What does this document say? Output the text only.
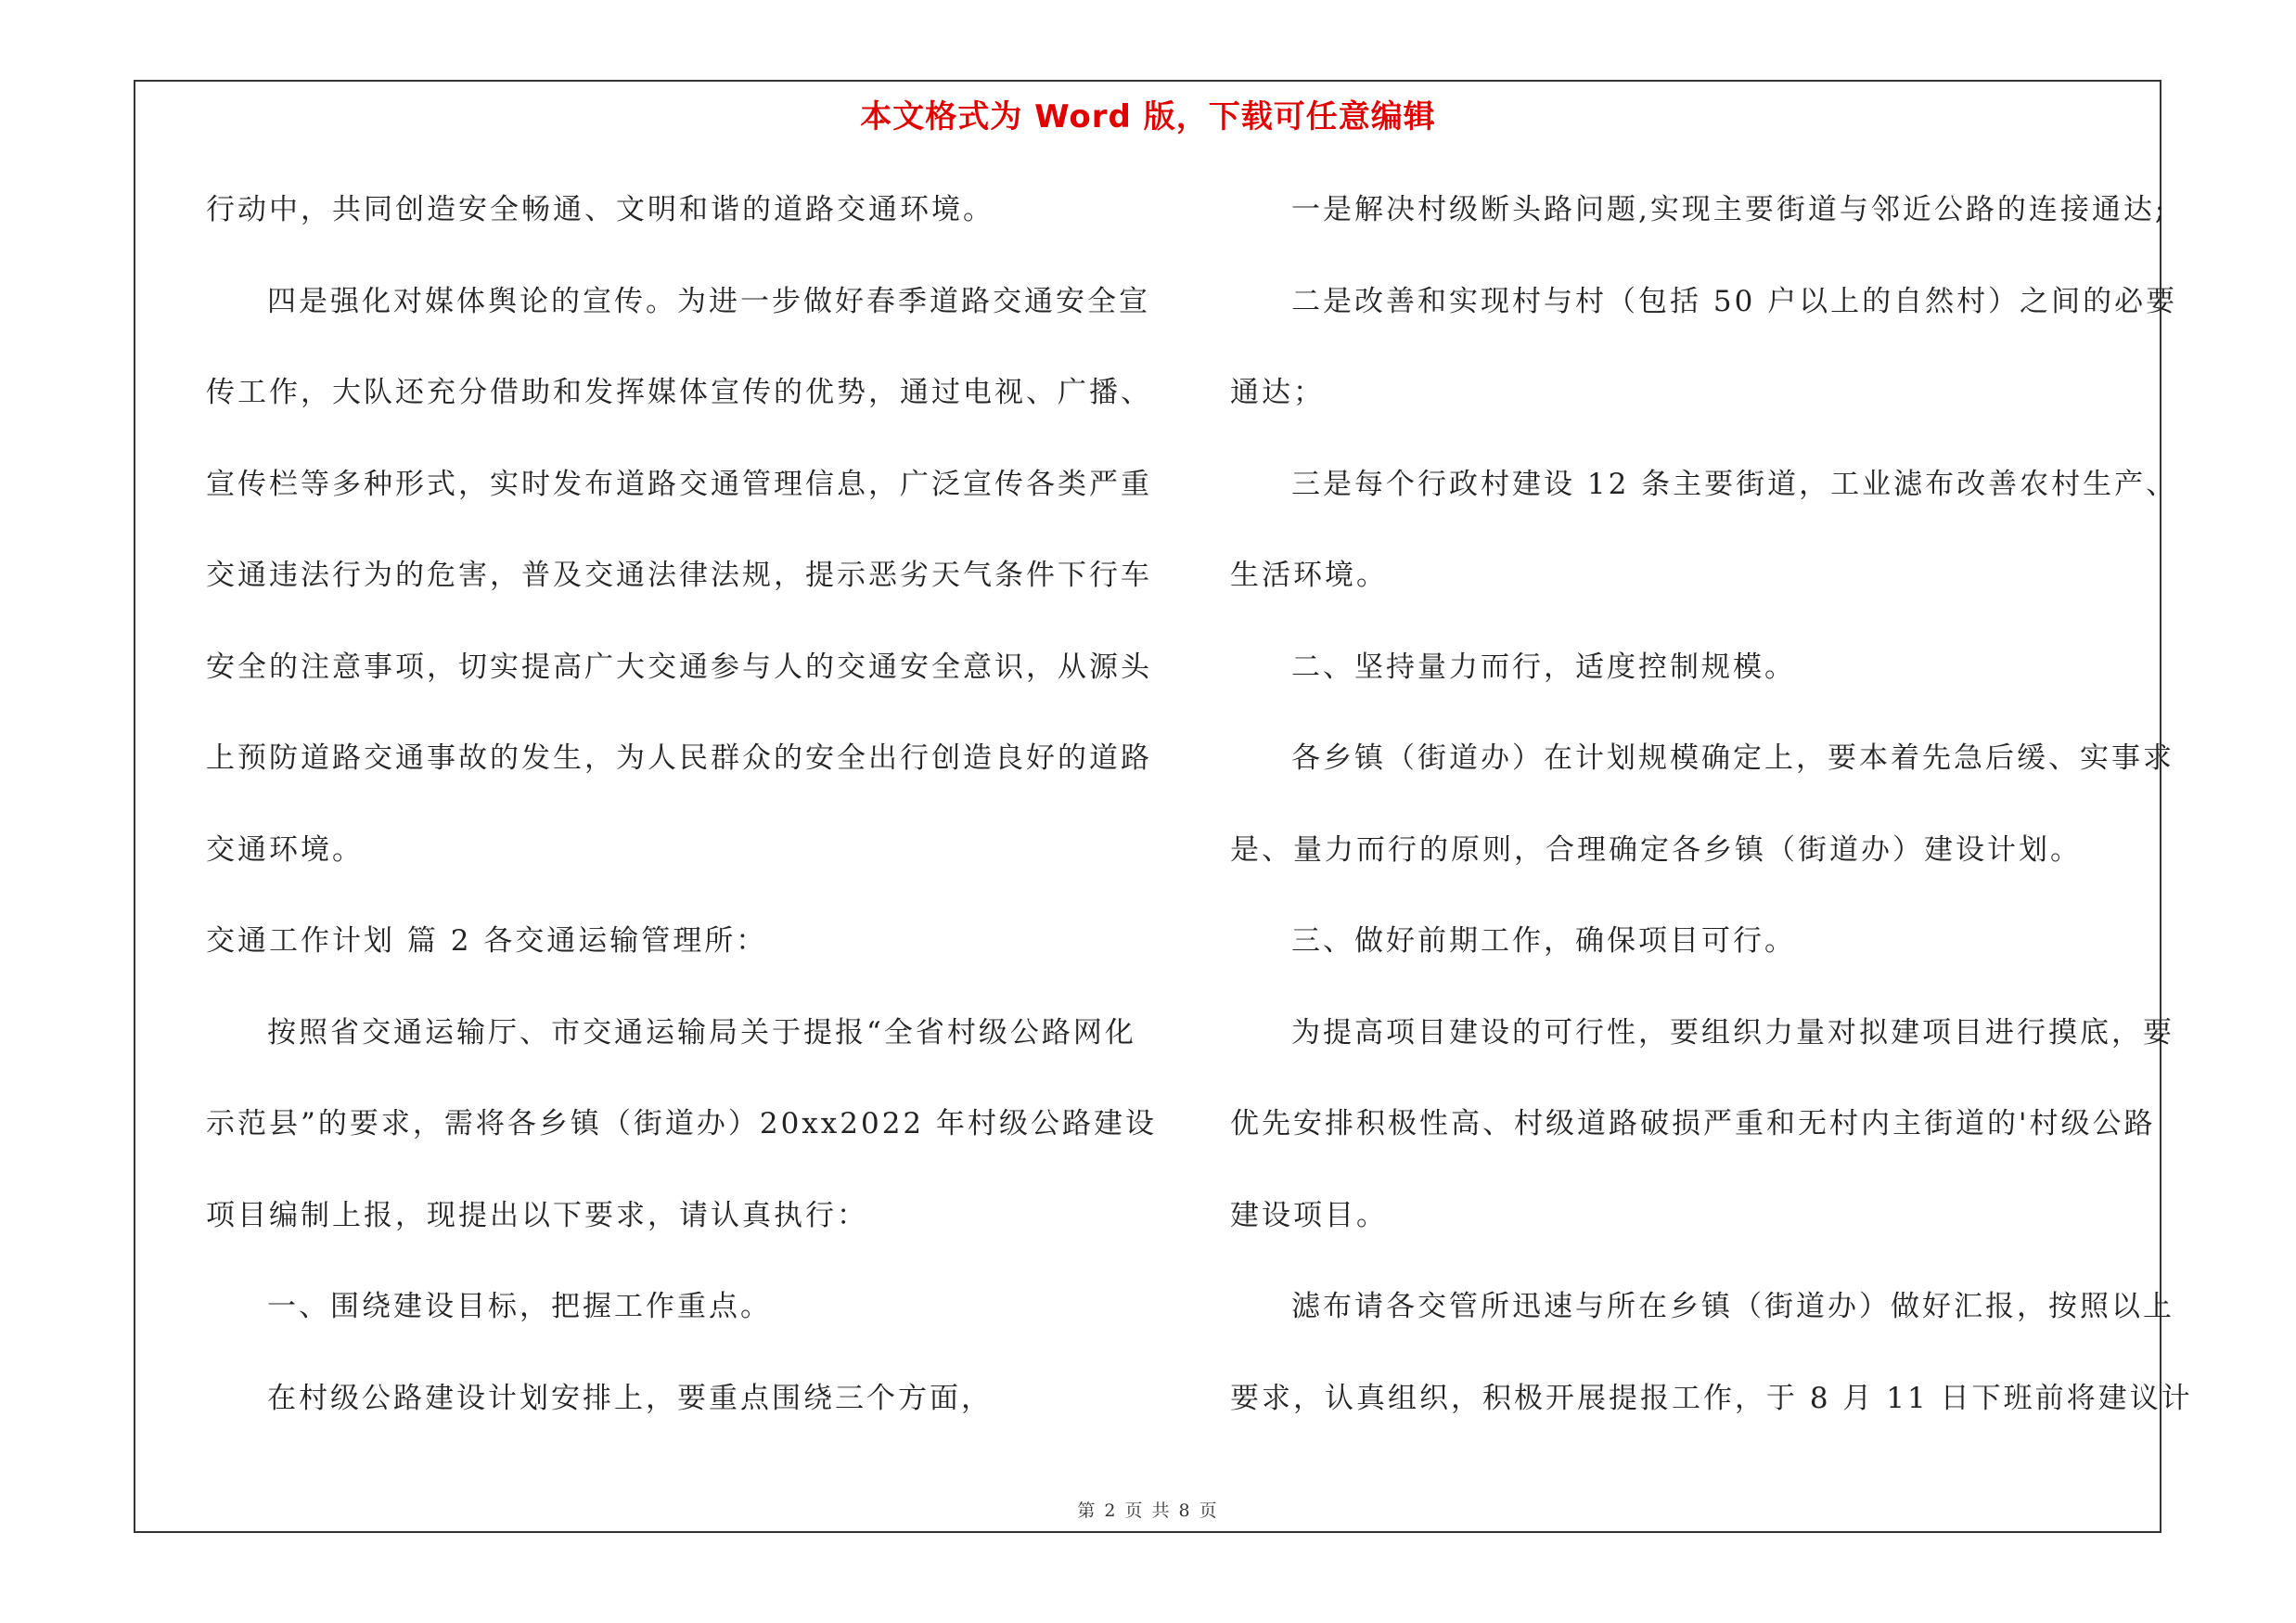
本文格式为 Word 版，下载可任意编辑
行动中，共同创造安全畅通、文明和谐的道路交通环境。
四是强化对媒体舆论的宣传。为进一步做好春季道路交通安全宣
传工作，大队还充分借助和发挥媒体宣传的优势，通过电视、广播、
宣传栏等多种形式，实时发布道路交通管理信息，广泛宣传各类严重
交通违法行为的危害，普及交通法律法规，提示恶劣天气条件下行车
安全的注意事项，切实提高广大交通参与人的交通安全意识，从源头
上预防道路交通事故的发生，为人民群众的安全出行创造良好的道路
交通环境。
交通工作计划 篇 2 各交通运输管理所：
按照省交通运输厅、市交通运输局关于提报“全省村级公路网化
示范县”的要求，需将各乡镇（街道办）20xx2022 年村级公路建设
项目编制上报，现提出以下要求，请认真执行：
一、围绕建设目标，把握工作重点。
在村级公路建设计划安排上，要重点围绕三个方面，
一是解决村级断头路问题,实现主要街道与邻近公路的连接通达;
二是改善和实现村与村（包括 50 户以上的自然村）之间的必要
通达；
三是每个行政村建设 12 条主要街道，工业滤布改善农村生产、
生活环境。
二、坚持量力而行，适度控制规模。
各乡镇（街道办）在计划规模确定上，要本着先急后缓、实事求
是、量力而行的原则，合理确定各乡镇（街道办）建设计划。
三、做好前期工作，确保项目可行。
为提高项目建设的可行性，要组织力量对拟建项目进行摸底，要
优先安排积极性高、村级道路破损严重和无村内主街道的'村级公路
建设项目。
滤布请各交管所迅速与所在乡镇（街道办）做好汇报，按照以上
要求，认真组织，积极开展提报工作，于 8 月 11 日下班前将建议计
第 2 页 共 8 页
